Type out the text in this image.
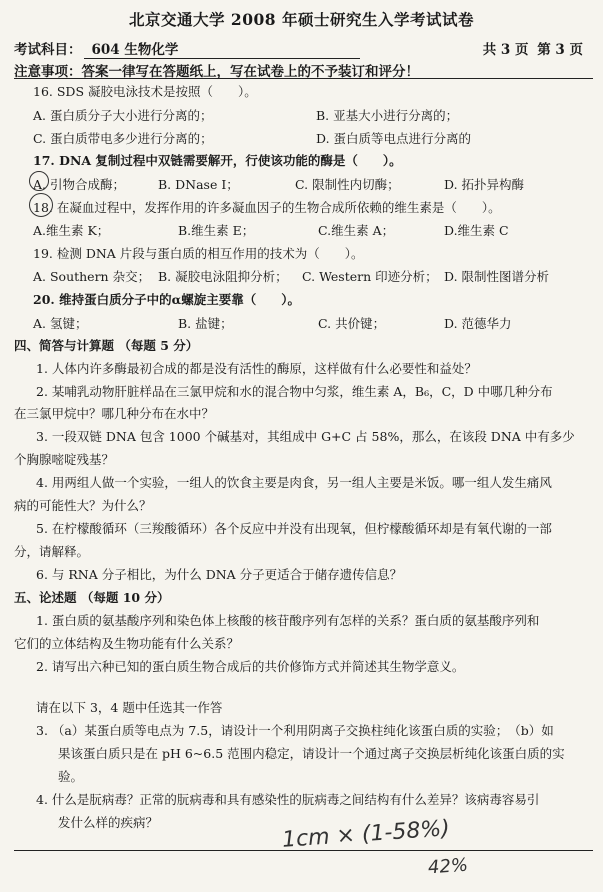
北京交通大学 2008 年硕士研究生入学考试试卷
考试科目： 604 生物化学	共 3 页 第 3 页
注意事项：答案一律写在答题纸上，写在试卷上的不予装订和评分！
16. SDS 凝胶电泳技术是按照（　　）。
A. 蛋白质分子大小进行分离的；	B. 亚基大小进行分离的；
C. 蛋白质带电多少进行分离的；	D. 蛋白质等电点进行分离的
17. DNA 复制过程中双链需要解开，行使该功能的酶是（　　）。
A. 引物合成酶；	B. DNase Ⅰ；	C. 限制性内切酶；	D. 拓扑异构酶
18. 在凝血过程中，发挥作用的许多凝血因子的生物合成所依赖的维生素是（　　）。
A.维生素 K；	B.维生素 E；	C.维生素 A；	D.维生素 C
19. 检测 DNA 片段与蛋白质的相互作用的技术为（　　）。
A. Southern 杂交； B. 凝胶电泳阻抑分析； C. Western 印迹分析； D. 限制性图谱分析
20. 维持蛋白质分子中的α螺旋主要靠（　　）。
A. 氢键；	B. 盐键；	C. 共价键；	D. 范德华力
四、简答与计算题 （每题 5 分）
1. 人体内许多酶最初合成的都是没有活性的酶原，这样做有什么必要性和益处？
2. 某哺乳动物肝脏样品在三氯甲烷和水的混合物中匀浆，维生素 A，B₆，C，D 中哪几种分布
在三氯甲烷中？哪几种分布在水中？
3. 一段双链 DNA 包含 1000 个碱基对，其组成中 G+C 占 58%，那么，在该段 DNA 中有多少
个胸腺嘧啶残基？
4. 用两组人做一个实验，一组人的饮食主要是肉食，另一组人主要是米饭。哪一组人发生痛风
病的可能性大？为什么？
5. 在柠檬酸循环（三羧酸循环）各个反应中并没有出现氧，但柠檬酸循环却是有氧代谢的一部
分，请解释。
6. 与 RNA 分子相比，为什么 DNA 分子更适合于储存遗传信息？
五、论述题 （每题 10 分）
1. 蛋白质的氨基酸序列和染色体上核酸的核苷酸序列有怎样的关系？蛋白质的氨基酸序列和
它们的立体结构及生物功能有什么关系？
2. 请写出六种已知的蛋白质生物合成后的共价修饰方式并简述其生物学意义。
请在以下 3，4 题中任选其一作答
3. （a）某蛋白质等电点为 7.5，请设计一个利用阴离子交换柱纯化该蛋白质的实验；　（b）如
果该蛋白质只是在 pH 6~6.5 范围内稳定，请设计一个通过离子交换层析纯化该蛋白质的实
验。
4. 什么是朊病毒？正常的朊病毒和具有感染性的朊病毒之间结构有什么差异？该病毒容易引
发什么样的疾病？	1cm × (1-58%)
42%
